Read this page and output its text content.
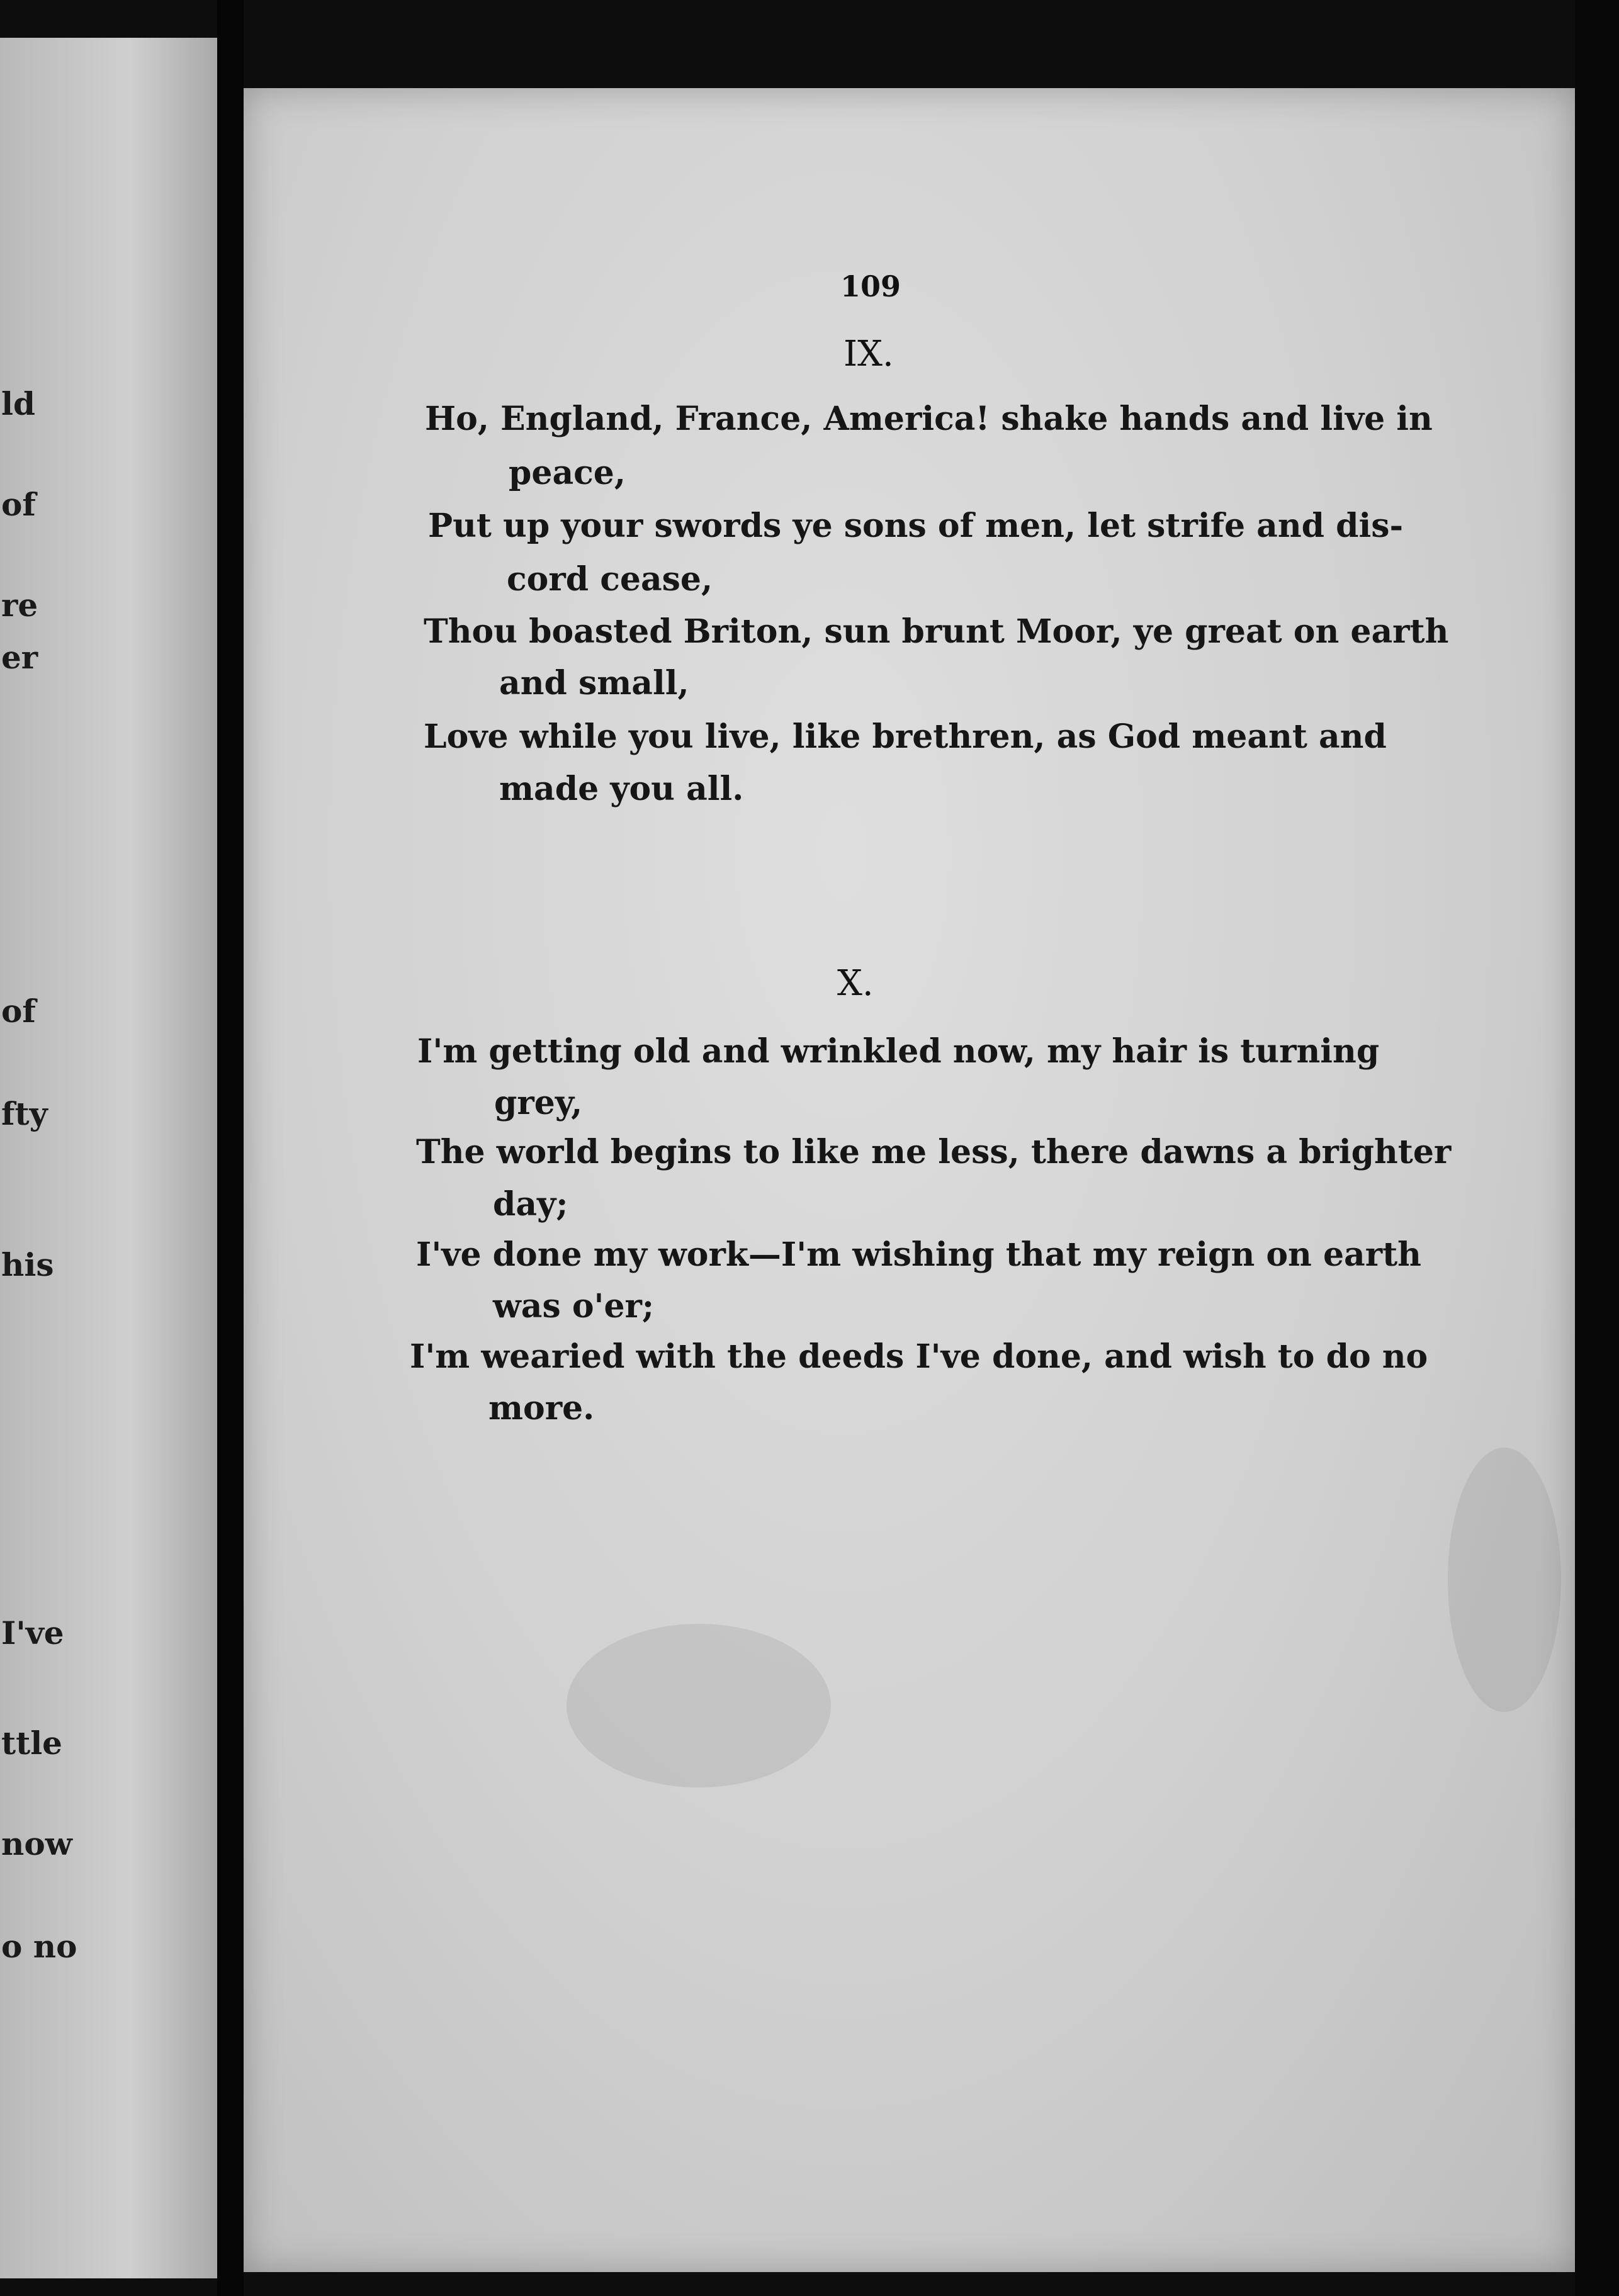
ld
of
re
er
of
fty
his
I've
ttle
now
o no
109
IX.
Ho, England, France, America! shake hands and live in
peace,
Put up your swords ye sons of men, let strife and dis-
cord cease,
Thou boasted Briton, sun brunt Moor, ye great on earth
and small,
Love while you live, like brethren, as God meant and
made you all.
X.
I'm getting old and wrinkled now, my hair is turning
grey,
The world begins to like me less, there dawns a brighter
day;
I've done my work—I'm wishing that my reign on earth
was o'er;
I'm wearied with the deeds I've done, and wish to do no
more.
